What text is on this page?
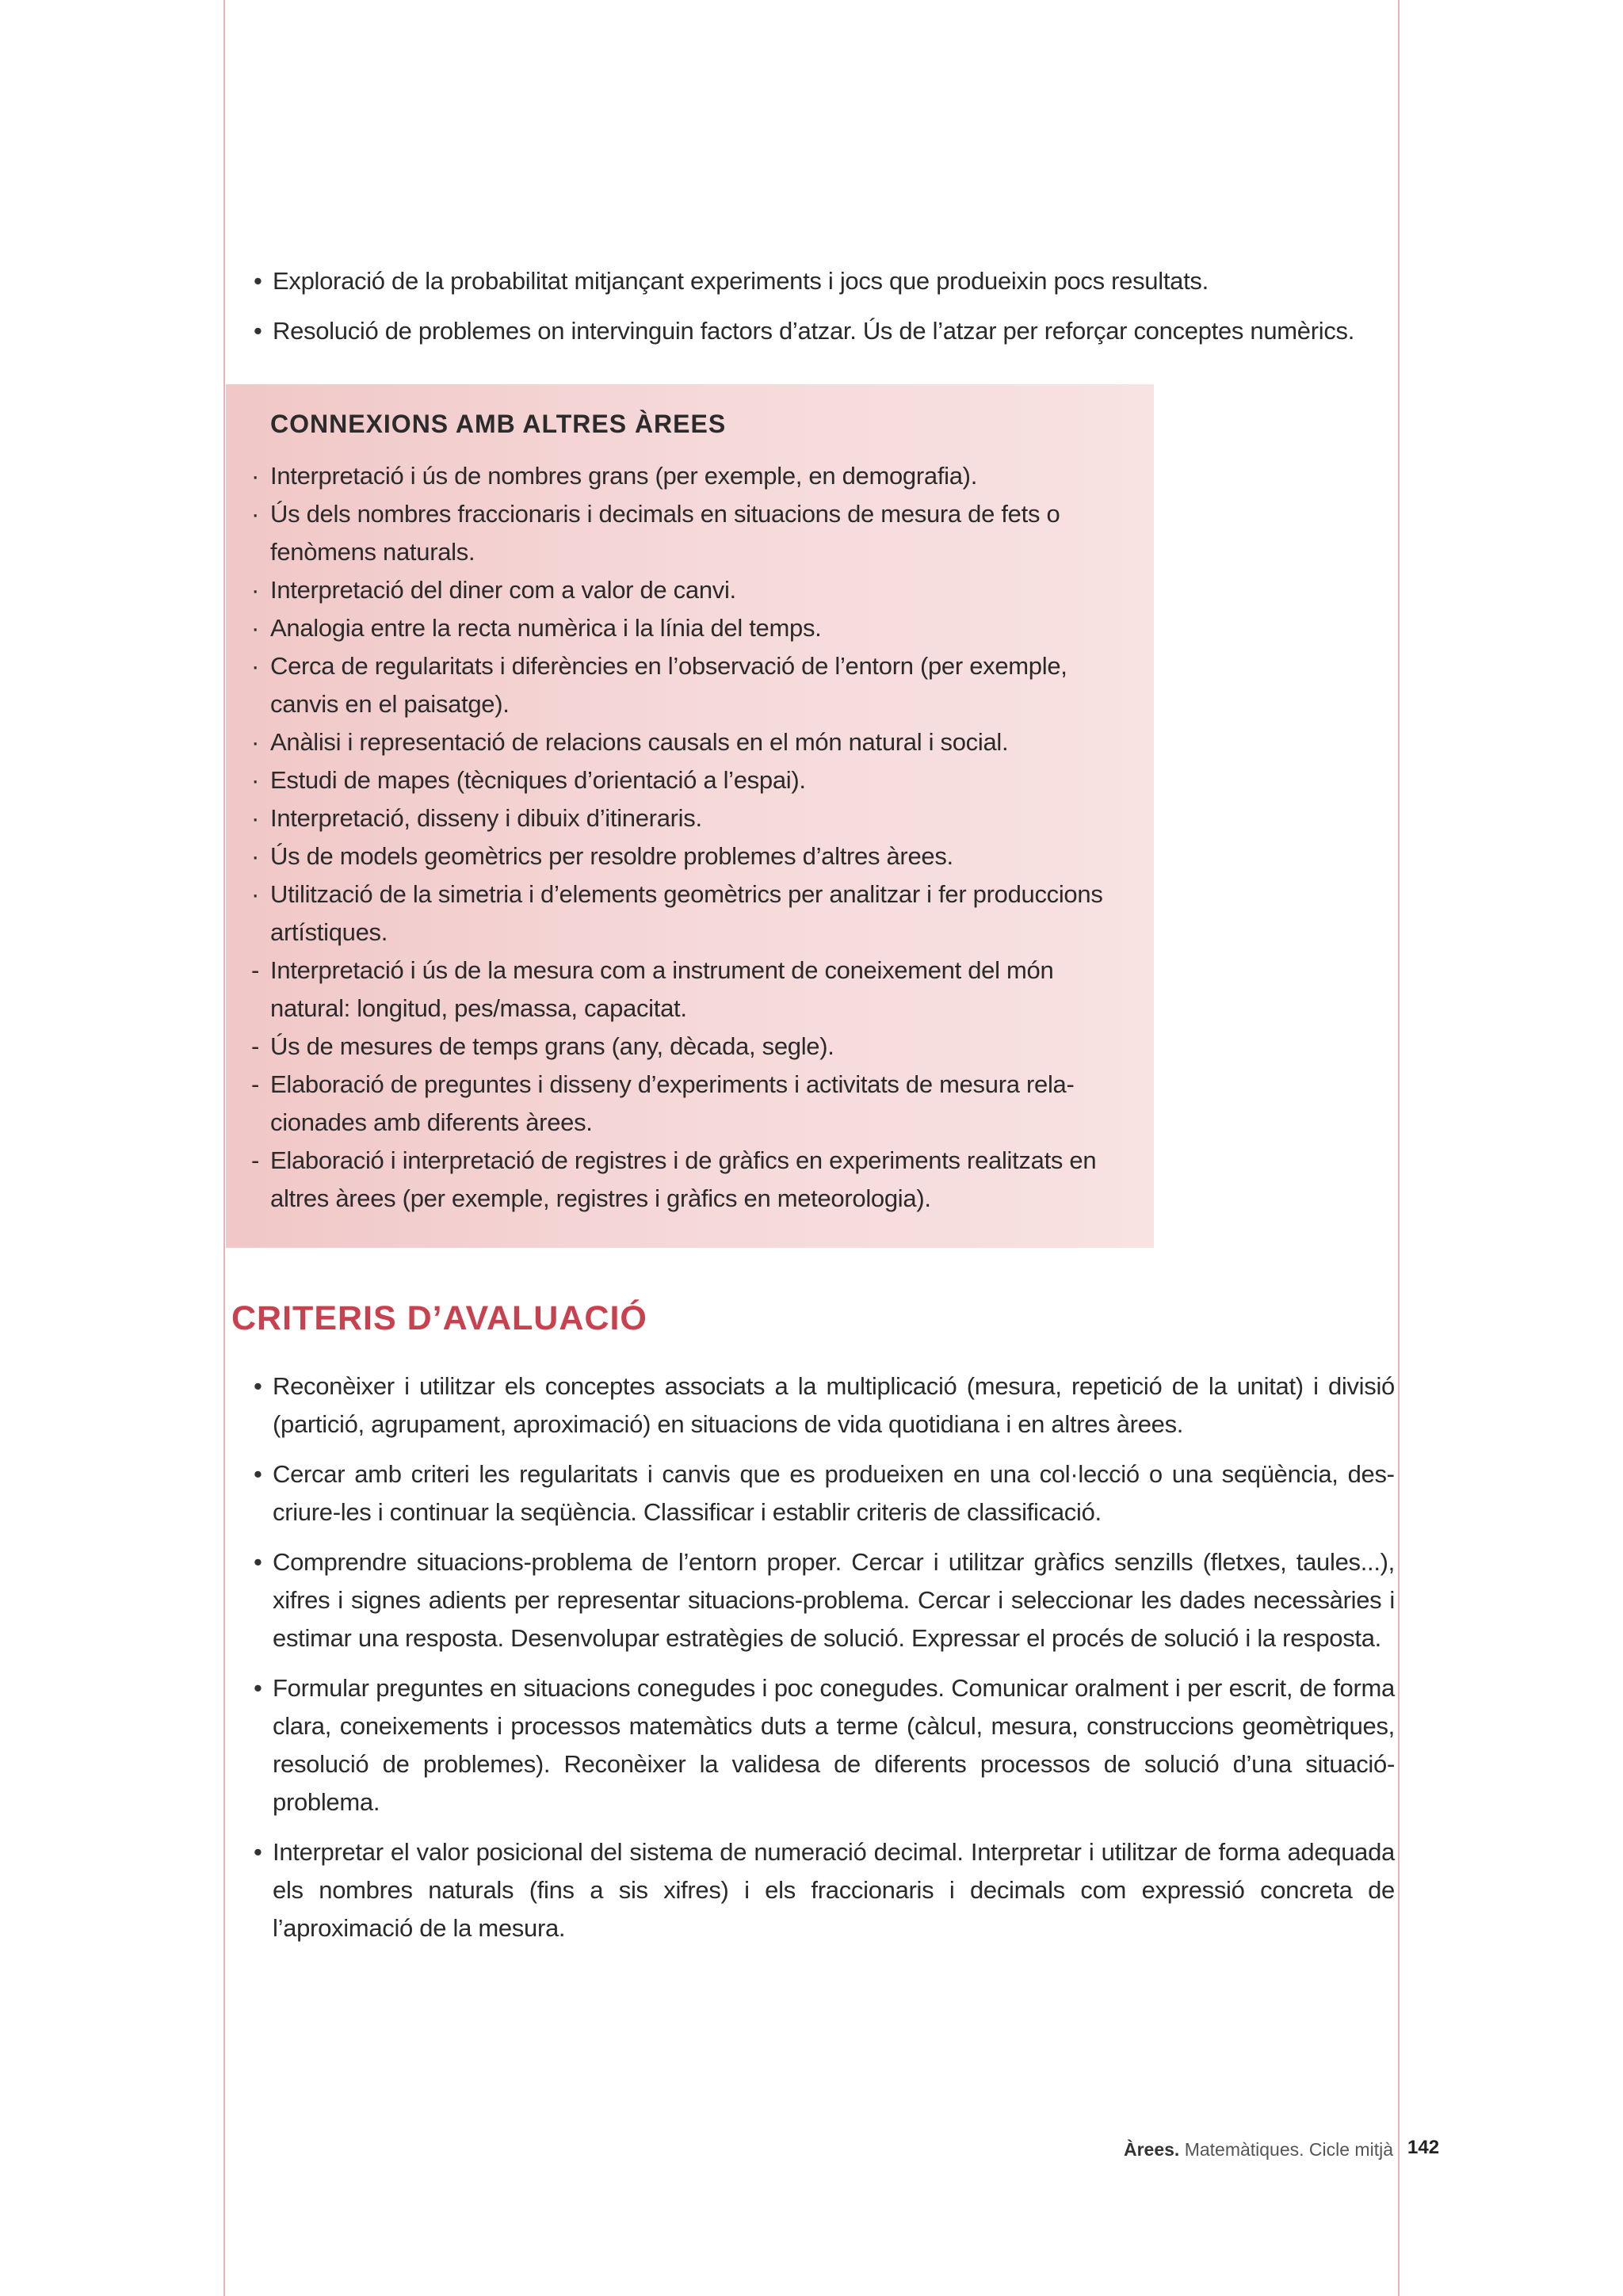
• Exploració de la probabilitat mitjançant experiments i jocs que produeixin pocs resultats.
• Resolució de problemes on intervinguin factors d’atzar. Ús de l’atzar per reforçar conceptes numèrics.
CONNEXIONS AMB ALTRES ÀREES
· Interpretació i ús de nombres grans (per exemple, en demografia).
· Ús dels nombres fraccionaris i decimals en situacions de mesura de fets o fenòmens naturals.
· Interpretació del diner com a valor de canvi.
· Analogia entre la recta numèrica i la línia del temps.
· Cerca de regularitats i diferències en l’observació de l’entorn (per exemple, canvis en el paisatge).
· Anàlisi i representació de relacions causals en el món natural i social.
· Estudi de mapes (tècniques d’orientació a l’espai).
· Interpretació, disseny i dibuix d’itineraris.
· Ús de models geomètrics per resoldre problemes d’altres àrees.
· Utilització de la simetria i d’elements geomètrics per analitzar i fer produccions artístiques.
- Interpretació i ús de la mesura com a instrument de coneixement del món natural: longitud, pes/massa, capacitat.
- Ús de mesures de temps grans (any, dècada, segle).
- Elaboració de preguntes i disseny d’experiments i activitats de mesura relacionades amb diferents àrees.
- Elaboració i interpretació de registres i de gràfics en experiments realitzats en altres àrees (per exemple, registres i gràfics en meteorologia).
CRITERIS D’AVALUACIÓ
• Reconèixer i utilitzar els conceptes associats a la multiplicació (mesura, repetició de la unitat) i divisió (partició, agrupament, aproximació) en situacions de vida quotidiana i en altres àrees.
• Cercar amb criteri les regularitats i canvis que es produeixen en una col·lecció o una seqüència, descriure-les i continuar la seqüència. Classificar i establir criteris de classificació.
• Comprendre situacions-problema de l’entorn proper. Cercar i utilitzar gràfics senzills (fletxes, taules...), xifres i signes adients per representar situacions-problema. Cercar i seleccionar les dades necessàries i estimar una resposta. Desenvolupar estratègies de solució. Expressar el procés de solució i la resposta.
• Formular preguntes en situacions conegudes i poc conegudes. Comunicar oralment i per escrit, de forma clara, coneixements i processos matemàtics duts a terme (càlcul, mesura, construccions geomètriques, resolució de problemes). Reconèixer la validesa de diferents processos de solució d’una situació-problema.
• Interpretar el valor posicional del sistema de numeració decimal. Interpretar i utilitzar de forma adequada els nombres naturals (fins a sis xifres) i els fraccionaris i decimals com expressió concreta de l’aproximació de la mesura.
Àrees. Matemàtiques. Cicle mitjà 142
